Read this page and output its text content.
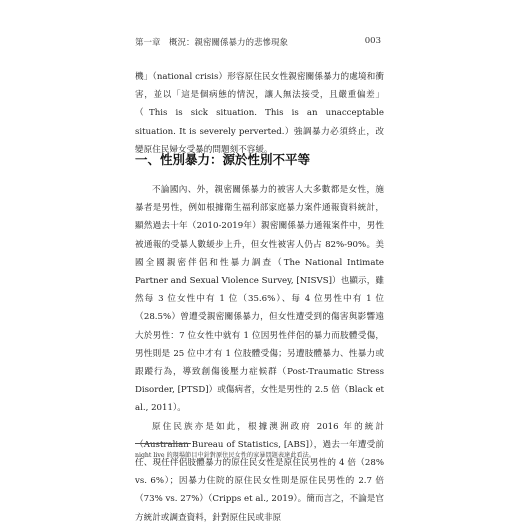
第一章　概況：親密關係暴力的悲慘現象	003

機」（national crisis）形容原住民女性親密關係暴力的處境和衝害，並以「這是個病態的情況，讓人無法接受，且嚴重偏差」（This is sick situation. This is an unacceptable situation. It is severely perverted.）強調暴力必須終止，改變原住民婦女受暴的問題刻不容緩。

一、性別暴力：源於性別不平等

不論國內、外，親密關係暴力的被害人大多數都是女性，施暴者是男性，例如根據衛生福利部家庭暴力案件通報資料統計，顯然過去十年（2010-2019年）親密關係暴力通報案件中，男性被通報的受暴人數緩步上升，但女性被害人仍占 82%-90%。美國全國親密伴侶和性暴力調查（The National Intimate Partner and Sexual Violence Survey, [NISVS]）也顯示，雖然每 3 位女性中有 1 位（35.6%）、每 4 位男性中有 1 位（28.5%）曾遭受親密關係暴力，但女性遭受到的傷害與影響遠大於男性：7 位女性中就有 1 位因男性伴侶的暴力而肢體受傷，男性則是 25 位中才有 1 位肢體受傷；另遭肢體暴力、性暴力或跟蹤行為，導致創傷後壓力症候群（Post-Traumatic Stress Disorder, [PTSD]）或傷病者，女性是男性的 2.5 倍（Black et al., 2011）。

原住民族亦是如此，根據澳洲政府 2016 年的統計（Australian Bureau of Statistics, [ABS]），過去一年遭受前任、現任伴侶肢體暴力的原住民女性是原住民男性的 4 倍（28% vs. 6%）；因暴力住院的原住民女性則是原住民男性的 2.7 倍（73% vs. 27%）（Cripps et al., 2019）。簡而言之，不論是官方統計或調查資料，針對原住民或非原

night live 的現場節目中針對原住民女性的家暴問題表達此看法。
